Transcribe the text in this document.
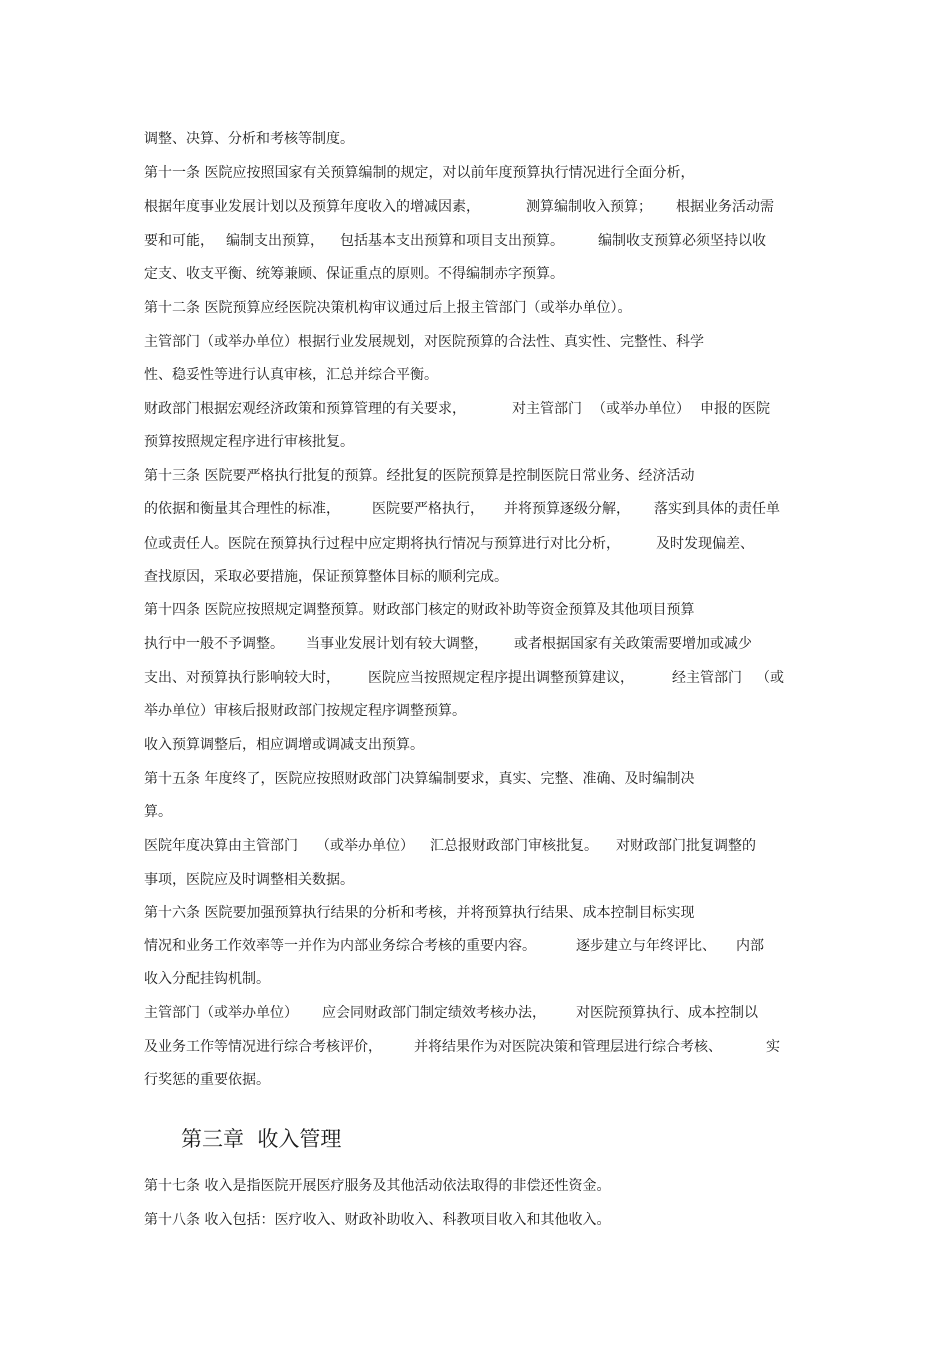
调整、决算、分析和考核等制度。

第十一条 医院应按照国家有关预算编制的规定，对以前年度预算执行情况进行全面分析，

根据年度事业发展计划以及预算年度收入的增减因素，	测算编制收入预算； 根据业务活动需

要和可能， 编制支出预算， 包括基本支出预算和项目支出预算。 编制收支预算必须坚持以收

定支、收支平衡、统筹兼顾、保证重点的原则。不得编制赤字预算。

第十二条 医院预算应经医院决策机构审议通过后上报主管部门（或举办单位）。

主管部门（或举办单位）根据行业发展规划，对医院预算的合法性、真实性、完整性、科学

性、稳妥性等进行认真审核，汇总并综合平衡。

财政部门根据宏观经济政策和预算管理的有关要求，	对主管部门 （或举办单位） 申报的医院

预算按照规定程序进行审核批复。

第十三条 医院要严格执行批复的预算。经批复的医院预算是控制医院日常业务、经济活动

的依据和衡量其合理性的标准， 医院要严格执行， 并将预算逐级分解， 落实到具体的责任单

位或责任人。医院在预算执行过程中应定期将执行情况与预算进行对比分析，	及时发现偏差、

查找原因，采取必要措施，保证预算整体目标的顺利完成。

第十四条 医院应按照规定调整预算。财政部门核定的财政补助等资金预算及其他项目预算

执行中一般不予调整。 当事业发展计划有较大调整， 或者根据国家有关政策需要增加或减少

支出、对预算执行影响较大时， 医院应当按照规定程序提出调整预算建议，	经主管部门 （或

举办单位）审核后报财政部门按规定程序调整预算。

收入预算调整后，相应调增或调减支出预算。

第十五条 年度终了，医院应按照财政部门决算编制要求，真实、完整、准确、及时编制决

算。

医院年度决算由主管部门 （或举办单位） 汇总报财政部门审核批复。 对财政部门批复调整的

事项，医院应及时调整相关数据。

第十六条 医院要加强预算执行结果的分析和考核，并将预算执行结果、成本控制目标实现

情况和业务工作效率等一并作为内部业务综合考核的重要内容。	逐步建立与年终评比、 内部

收入分配挂钩机制。

主管部门（或举办单位） 应会同财政部门制定绩效考核办法， 对医院预算执行、成本控制以

及业务工作等情况进行综合考核评价， 并将结果作为对医院决策和管理层进行综合考核、	实

行奖惩的重要依据。

第三章  收入管理

第十七条 收入是指医院开展医疗服务及其他活动依法取得的非偿还性资金。

第十八条 收入包括：医疗收入、财政补助收入、科教项目收入和其他收入。
